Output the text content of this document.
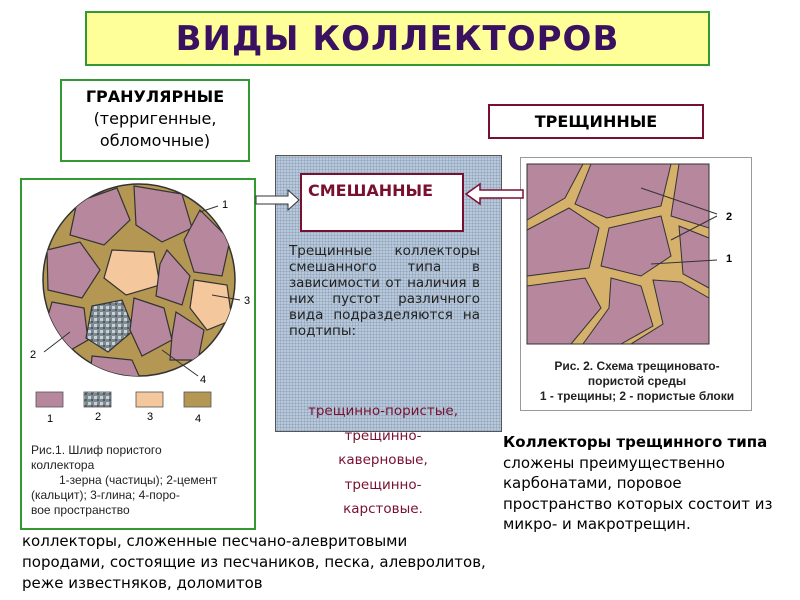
ВИДЫ КОЛЛЕКТОРОВ
ГРАНУЛЯРНЫЕ
(терригенные,
обломочные)
ТРЕЩИННЫЕ
1
3
2
4
1	2	3	4
Рис.1. Шлиф пористого
коллектора
1-зерна (частицы); 2-цемент
(кальцит); 3-глина; 4-поро-
вое пространство
СМЕШАННЫЕ
Трещинные коллекторы смешанного типа в зависимости от наличия в них пустот различного вида подразделяются на подтипы:
трещинно-пористые,
трещинно-
каверновые,
трещинно-
карстовые.
2
1
Рис. 2. Схема трещиновато-
пористой среды
1 - трещины; 2 - пористые блоки
Коллекторы трещинного типа сложены преимущественно карбонатами, поровое пространство которых состоит из микро- и макротрещин.
коллекторы, сложенные песчано-алевритовыми породами, состоящие из песчаников, песка, алевролитов, реже известняков, доломитов
